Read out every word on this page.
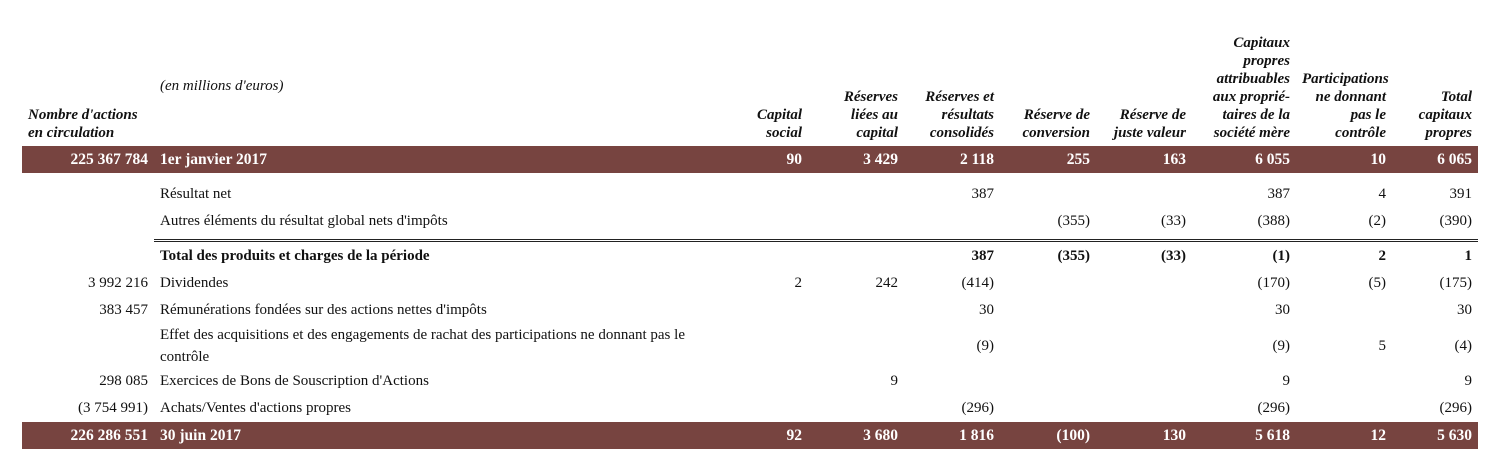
Nombre d'actions en circulation	(en millions d'euros)	Capital social	Réserves liées au capital	Réserves et résultats consolidés	Réserve de conversion	Réserve de juste valeur	Capitaux propres attribuables aux proprié-taires de la société mère	Participations ne donnant pas le contrôle	Total capitaux propres
225 367 784	1er janvier 2017	90	3 429	2 118	255	163	6 055	10	6 065

	Résultat net			387			387	4	391
	Autres éléments du résultat global nets d'impôts				(355)	(33)	(388)	(2)	(390)

	Total des produits et charges de la période			387	(355)	(33)	(1)	2	1
3 992 216	Dividendes	2	242	(414)			(170)	(5)	(175)
383 457	Rémunérations fondées sur des actions nettes d'impôts			30			30		30
	Effet des acquisitions et des engagements de rachat des participations ne donnant pas le contrôle			(9)			(9)	5	(4)
298 085	Exercices de Bons de Souscription d'Actions		9				9		9
(3 754 991)	Achats/Ventes d'actions propres			(296)			(296)		(296)
226 286 551	30 juin 2017	92	3 680	1 816	(100)	130	5 618	12	5 630
